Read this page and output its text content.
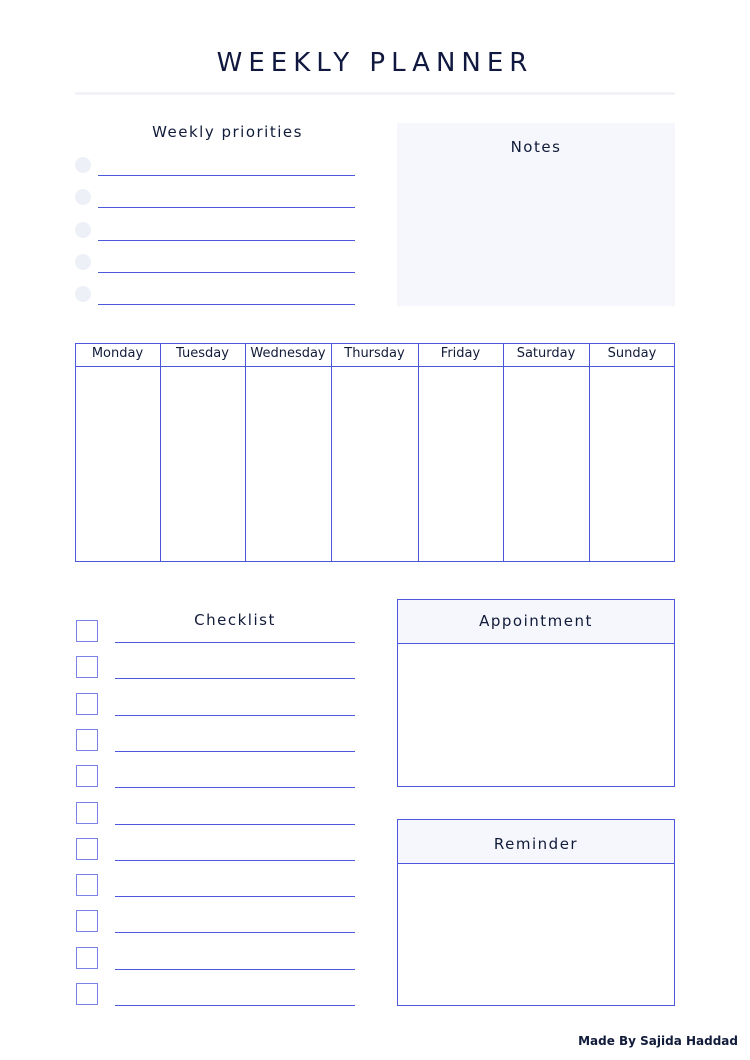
WEEKLY PLANNER
Weekly priorities
Notes
Monday	Tuesday	Wednesday	Thursday	Friday	Saturday	Sunday
Checklist	Appointment
Reminder
Made By Sajida Haddad
